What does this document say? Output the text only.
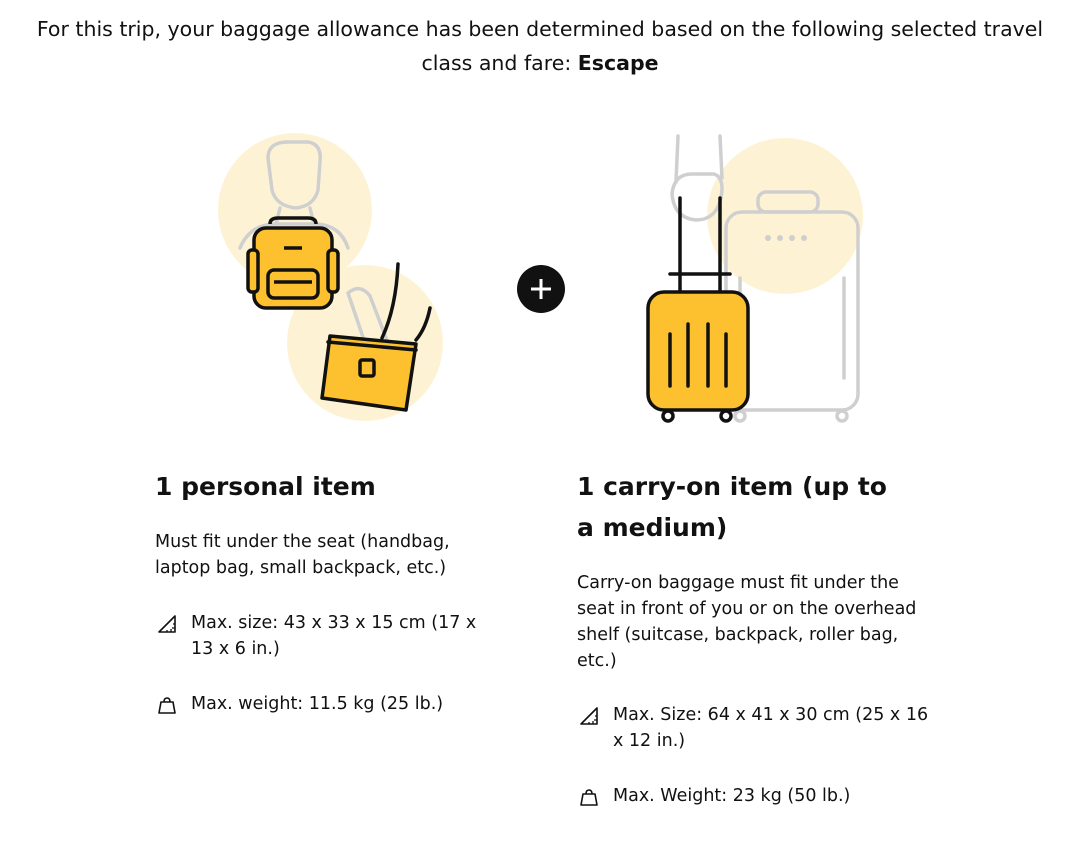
For this trip, your baggage allowance has been determined based on the following selected travel class and fare: Escape
1 personal item

Must fit under the seat (handbag, laptop bag, small backpack, etc.)

Max. size: 43 x 33 x 15 cm (17 x 13 x 6 in.)
Max. weight: 11.5 kg (25 lb.)
1 carry-on item (up to a medium)

Carry-on baggage must fit under the seat in front of you or on the overhead shelf (suitcase, backpack, roller bag, etc.)

Max. Size: 64 x 41 x 30 cm (25 x 16 x 12 in.)
Max. Weight: 23 kg (50 lb.)
